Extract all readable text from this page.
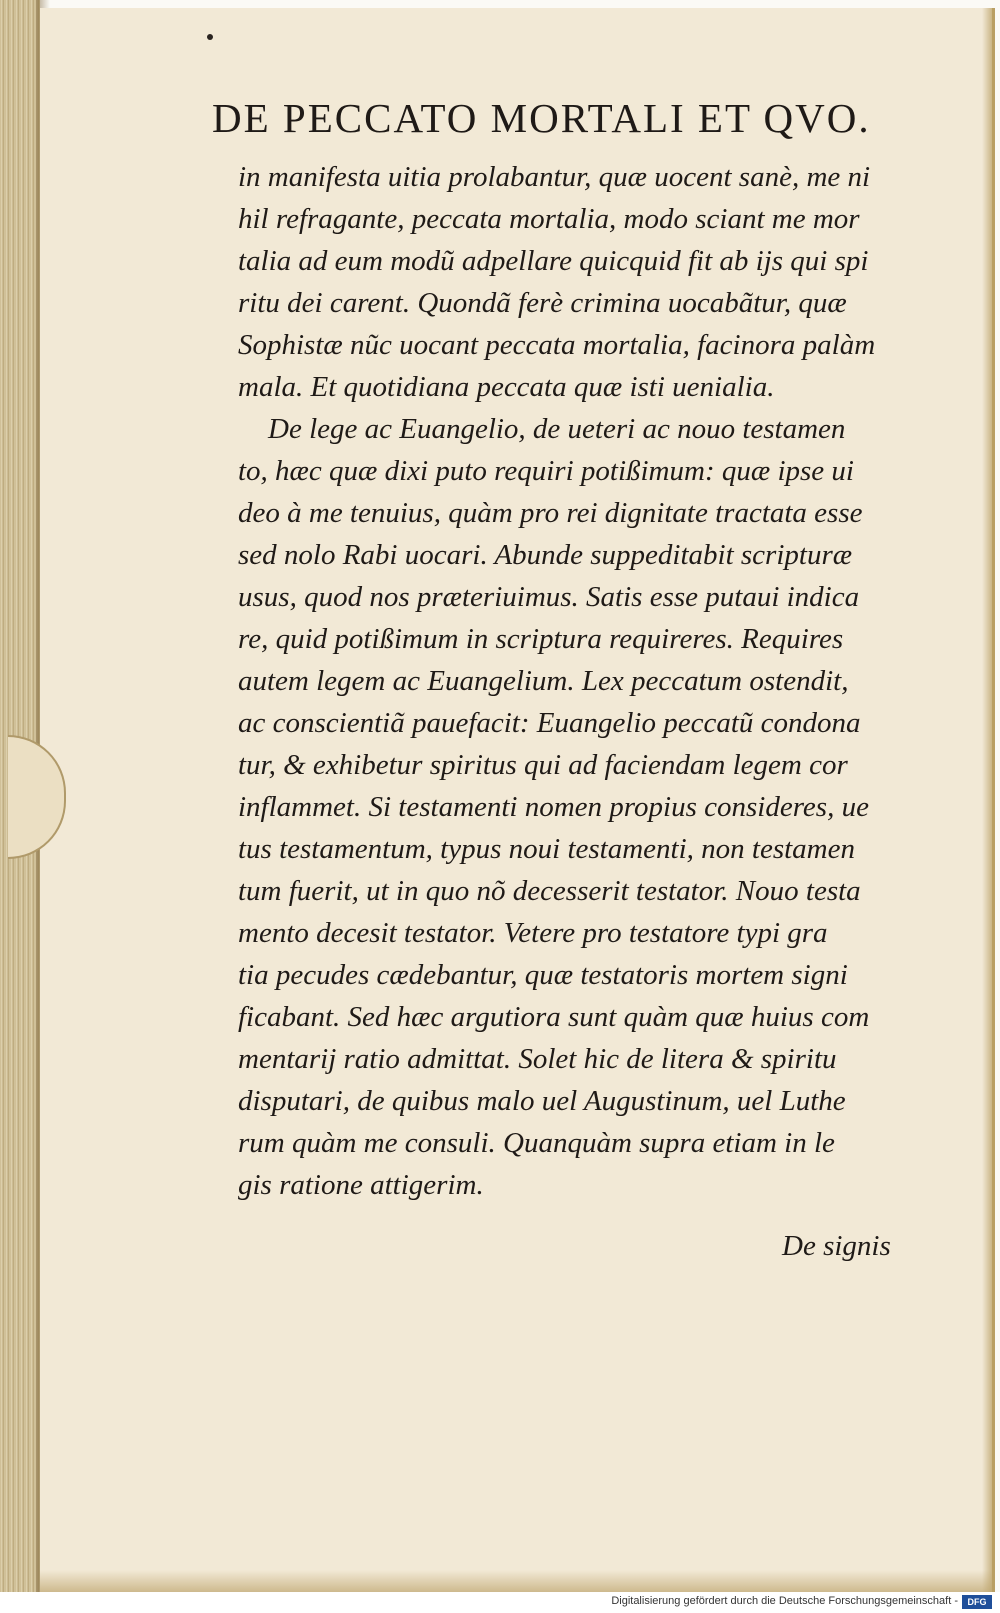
DE PECCATO MORTALI ET QVO.
in manifesta uitia prolabantur, quæ uocent sanè, me ni
hil refragante, peccata mortalia, modo sciant me mor
talia ad eum modũ adpellare quicquid fit ab ijs qui spi
ritu dei carent. Quondã ferè crimina uocabãtur, quæ
Sophistæ nũc uocant peccata mortalia, facinora palàm
mala. Et quotidiana peccata quæ isti uenialia.
De lege ac Euangelio, de ueteri ac nouo testamen
to, hæc quæ dixi puto requiri potißimum: quæ ipse ui
deo à me tenuius, quàm pro rei dignitate tractata esse
sed nolo Rabi uocari. Abunde suppeditabit scripturæ
usus, quod nos præteriuimus. Satis esse putaui indica
re, quid potißimum in scriptura requireres. Requires
autem legem ac Euangelium. Lex peccatum ostendit,
ac conscientiã pauefacit: Euangelio peccatũ condona
tur, & exhibetur spiritus qui ad faciendam legem cor
inflammet. Si testamenti nomen propius consideres, ue
tus testamentum, typus noui testamenti, non testamen
tum fuerit, ut in quo nõ decesserit testator. Nouo testa
mento decesit testator. Vetere pro testatore typi gra
tia pecudes cædebantur, quæ testatoris mortem signi
ficabant. Sed hæc argutiora sunt quàm quæ huius com
mentarij ratio admittat. Solet hic de litera & spiritu
disputari, de quibus malo uel Augustinum, uel Luthe
rum quàm me consuli. Quanquàm supra etiam in le
gis ratione attigerim.
De signis
Digitalisierung gefördert durch die Deutsche Forschungsgemeinschaft -	DFG
